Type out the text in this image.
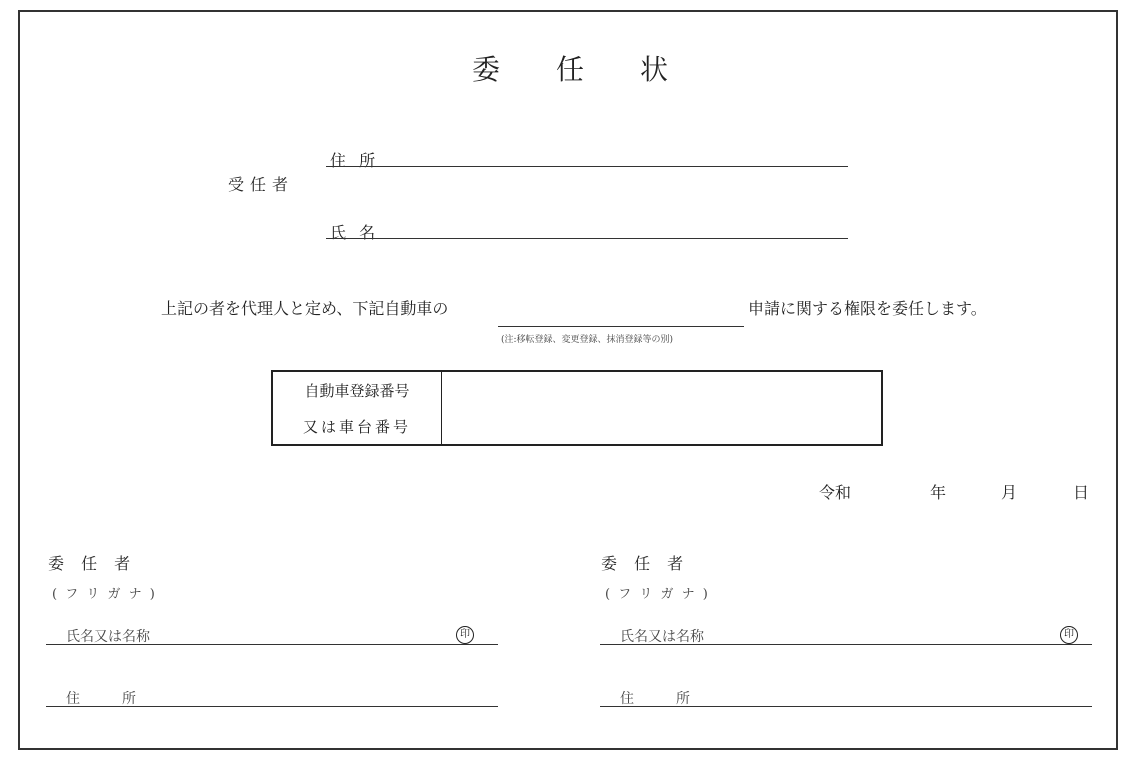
委 任 状
受任者
住 所
氏 名
上記の者を代理人と定め、下記自動車の
(注:移転登録、変更登録、抹消登録等の別)
申請に関する権限を委任します。
自動車登録番号
又は車台番号
令和	年	月	日
委 任 者
( フ リ ガ ナ )
氏名又は名称	印
住　　　所
委 任 者
( フ リ ガ ナ )
氏名又は名称	印
住　　　所
